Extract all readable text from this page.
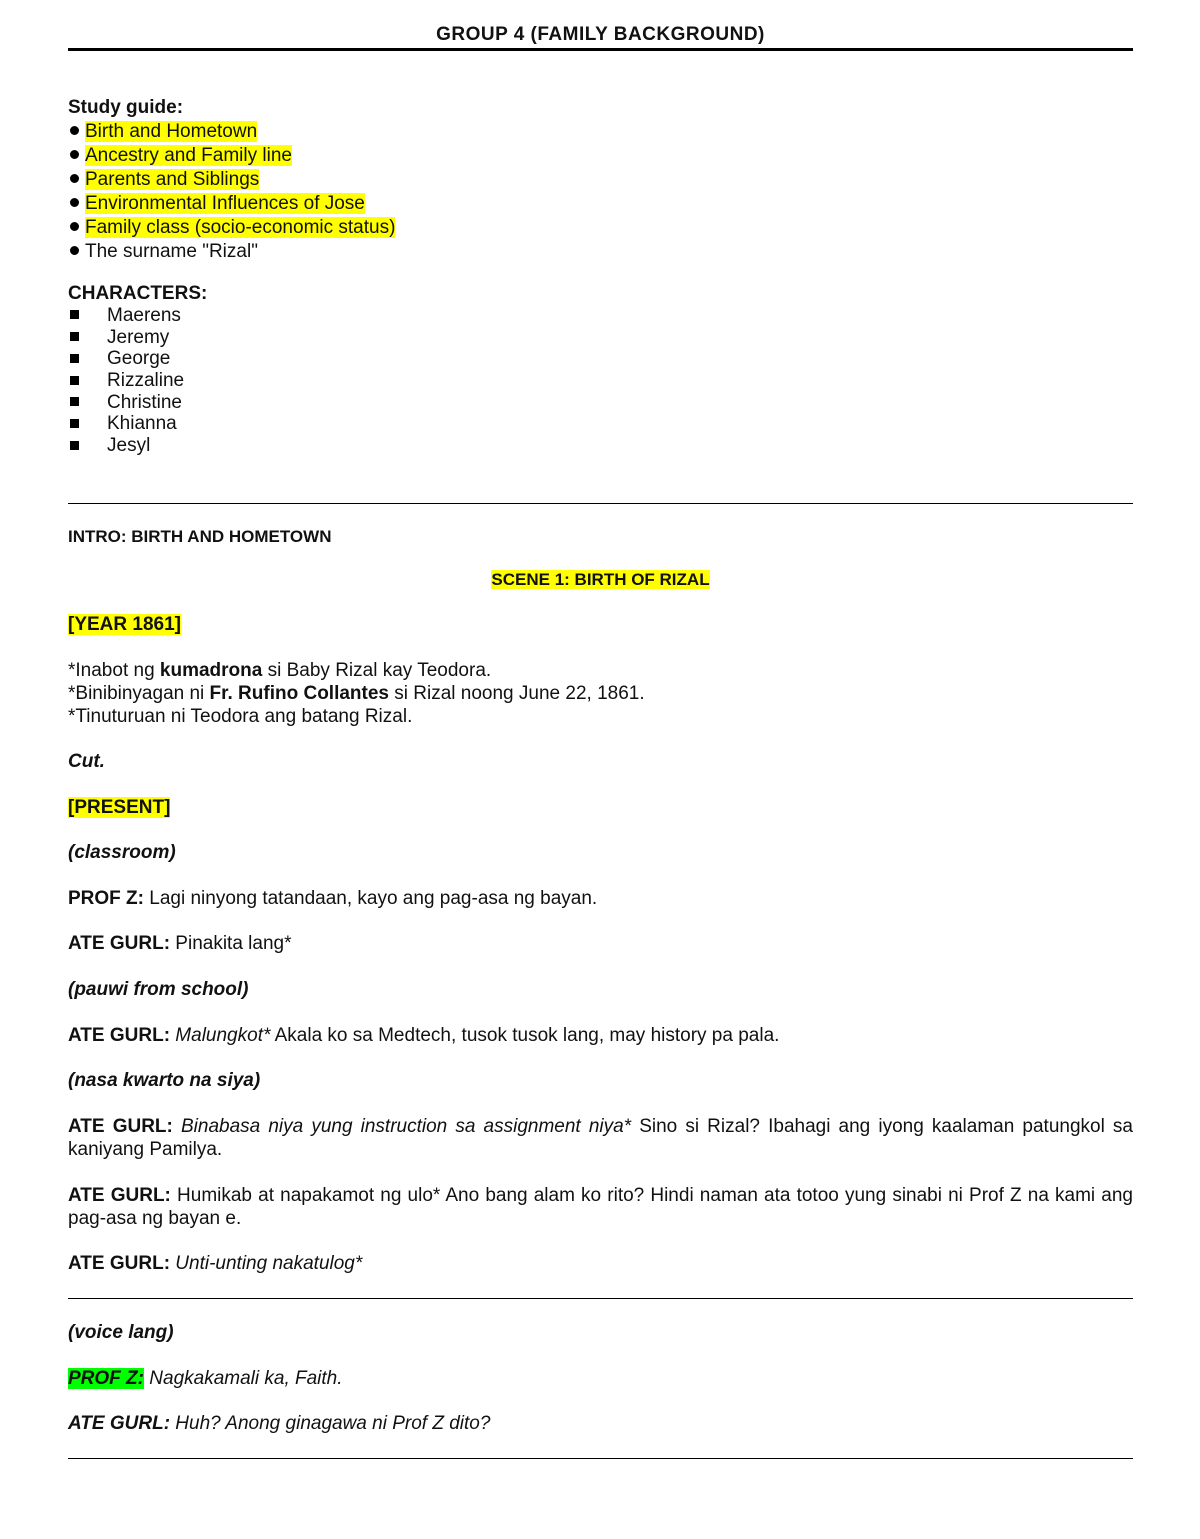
GROUP 4 (FAMILY BACKGROUND)
Study guide:
Birth and Hometown
Ancestry and Family line
Parents and Siblings
Environmental Influences of Jose
Family class (socio-economic status)
The surname "Rizal"
CHARACTERS:
Maerens
Jeremy
George
Rizzaline
Christine
Khianna
Jesyl
INTRO: BIRTH AND HOMETOWN
SCENE 1: BIRTH OF RIZAL
[YEAR 1861]
*Inabot ng kumadrona si Baby Rizal kay Teodora.
*Binibinyagan ni Fr. Rufino Collantes si Rizal noong June 22, 1861.
*Tinuturuan ni Teodora ang batang Rizal.
Cut.
[PRESENT]
(classroom)
PROF Z: Lagi ninyong tatandaan, kayo ang pag-asa ng bayan.
ATE GURL: Pinakita lang*
(pauwi from school)
ATE GURL: Malungkot* Akala ko sa Medtech, tusok tusok lang, may history pa pala.
(nasa kwarto na siya)
ATE GURL: Binabasa niya yung instruction sa assignment niya* Sino si Rizal? Ibahagi ang iyong kaalaman patungkol sa kaniyang Pamilya.
ATE GURL: Humikab at napakamot ng ulo* Ano bang alam ko rito? Hindi naman ata totoo yung sinabi ni Prof Z na kami ang pag-asa ng bayan e.
ATE GURL: Unti-unting nakatulog*
(voice lang)
PROF Z: Nagkakamali ka, Faith.
ATE GURL: Huh? Anong ginagawa ni Prof Z dito?
